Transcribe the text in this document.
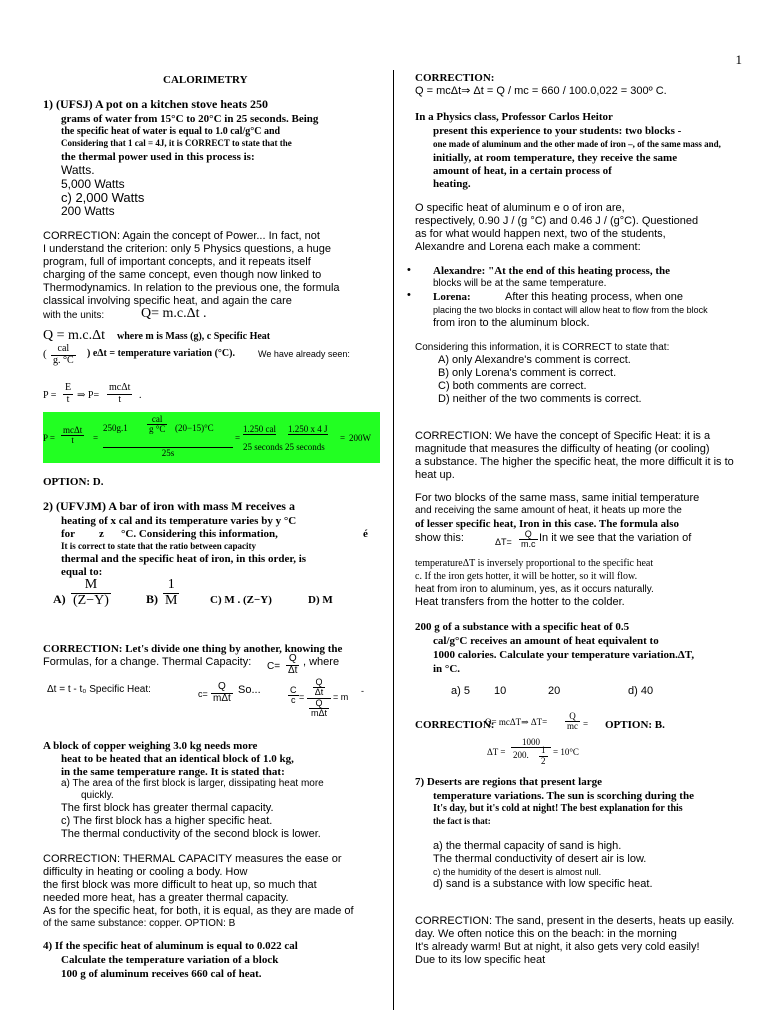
1
CALORIMETRY
1) (UFSJ) A pot on a kitchen stove heats 250
grams of water from 15°C to 20°C in 25 seconds. Being
the specific heat of water is equal to 1.0 cal/g°C and
Considering that 1 cal = 4J, it is CORRECT to state that the
the thermal power used in this process is:
Watts.
5,000 Watts
c) 2,000 Watts
200 Watts
CORRECTION: Again the concept of Power... In fact, not
I understand the criterion: only 5 Physics questions, a huge
program, full of important concepts, and it repeats itself
charging of the same concept, even though now linked to
Thermodynamics. In relation to the previous one, the formula
classical involving specific heat, and again the care
with the units:	Q= m.c.Δt .
Q = m.c.Δt where m is Mass (g), c Specific Heat
( $\frac{\text{cal}}{g. ^\circ C}$ ) eΔt = temperature variation (°C).	We have already seen:
$P = \frac{E}{t}$ ⇒ $P= \frac{\text{mcΔt}}{t}$ .
$P = \frac{\text{mcΔt}}{t}$ =
250g.1
cal
g °C (20−15)°C
25s
=
1.250 cal 1.250 x 4 J
= 200W
25 seconds 25 seconds
OPTION: D.
2) (UFVJM) A bar of iron with mass M receives a
heating of x cal and its temperature varies by y °C
for z °C. Considering this information,	é
It is correct to state that the ratio between capacity
thermal and the specific heat of iron, in this order, is
equal to:
$A) \frac{M}{(Z-Y)}$	$B) \frac{1}{M}$	C) M . (Z−Y)	D) M
CORRECTION: Let's divide one thing by another, knowing the
Formulas, for a change. Thermal Capacity: $C= \frac{Q}{\Delta t}$ , where
Δt = t - t₀ Specific Heat:	$c= \frac{Q}{\text{mΔt}} So$...	$\frac{C}{c} = \frac{\frac{Q}{\Delta t}}{\frac{Q}{\text{mΔt}}} = m$
-
A block of copper weighing 3.0 kg needs more
heat to be heated that an identical block of 1.0 kg,
in the same temperature range. It is stated that:
a) The area of the first block is larger, dissipating heat more
quickly.
The first block has greater thermal capacity.
c) The first block has a higher specific heat.
The thermal conductivity of the second block is lower.
CORRECTION: THERMAL CAPACITY measures the ease or
difficulty in heating or cooling a body. How
the first block was more difficult to heat up, so much that
needed more heat, has a greater thermal capacity.
As for the specific heat, for both, it is equal, as they are made of
of the same substance: copper. OPTION: B
4) If the specific heat of aluminum is equal to 0.022 cal
Calculate the temperature variation of a block
100 g of aluminum receives 660 cal of heat.
CORRECTION:
Q = mcΔt⇒ Δt = Q / mc = 660 / 100.0,022 = 300º C.
In a Physics class, Professor Carlos Heitor
present this experience to your students: two blocks -
one made of aluminum and the other made of iron –, of the same mass and,
initially, at room temperature, they receive the same
amount of heat, in a certain process of
heating.
O specific heat of aluminum e o of iron are,
respectively, 0.90 J / (g °C) and 0.46 J / (g°C). Questioned
as for what would happen next, two of the students,
Alexandre and Lorena each make a comment:
• Alexandre: "At the end of this heating process, the
blocks will be at the same temperature.
• Lorena:	After this heating process, when one
placing the two blocks in contact will allow heat to flow from the block
from iron to the aluminum block.
Considering this information, it is CORRECT to state that:
A) only Alexandre's comment is correct.
B) only Lorena's comment is correct.
C) both comments are correct.
D) neither of the two comments is correct.
CORRECTION: We have the concept of Specific Heat: it is a
magnitude that measures the difficulty of heating (or cooling)
a substance. The higher the specific heat, the more difficult it is to
heat up.
For two blocks of the same mass, same initial temperature
and receiving the same amount of heat, it heats up more the
of lesser specific heat, Iron in this case. The formula also
show this:	$\Delta T= \frac{Q}{m.c}$ In it we see that the variation of
temperatureΔT is inversely proportional to the specific heat
c. If the iron gets hotter, it will be hotter, so it will flow.
heat from iron to aluminum, yes, as it occurs naturally.
Heat transfers from the hotter to the colder.
200 g of a substance with a specific heat of 0.5
cal/g°C receives an amount of heat equivalent to
1000 calories. Calculate your temperature variation.ΔT,
in °C.
a) 5 10	20	d) 40
CORRECTION:
Q= mcΔT⇒ $\Delta T= \frac{Q}{mc}$ = OPTION: B.
ΔT =
1000
200. $\frac{1}{2} = 10^\circ C$
7) Deserts are regions that present large
temperature variations. The sun is scorching during the
It's day, but it's cold at night! The best explanation for this
the fact is that:
a) the thermal capacity of sand is high.
The thermal conductivity of desert air is low.
c) the humidity of the desert is almost null.
d) sand is a substance with low specific heat.
CORRECTION: The sand, present in the deserts, heats up easily.
day. We often notice this on the beach: in the morning
It's already warm! But at night, it also gets very cold easily!
Due to its low specific heat
